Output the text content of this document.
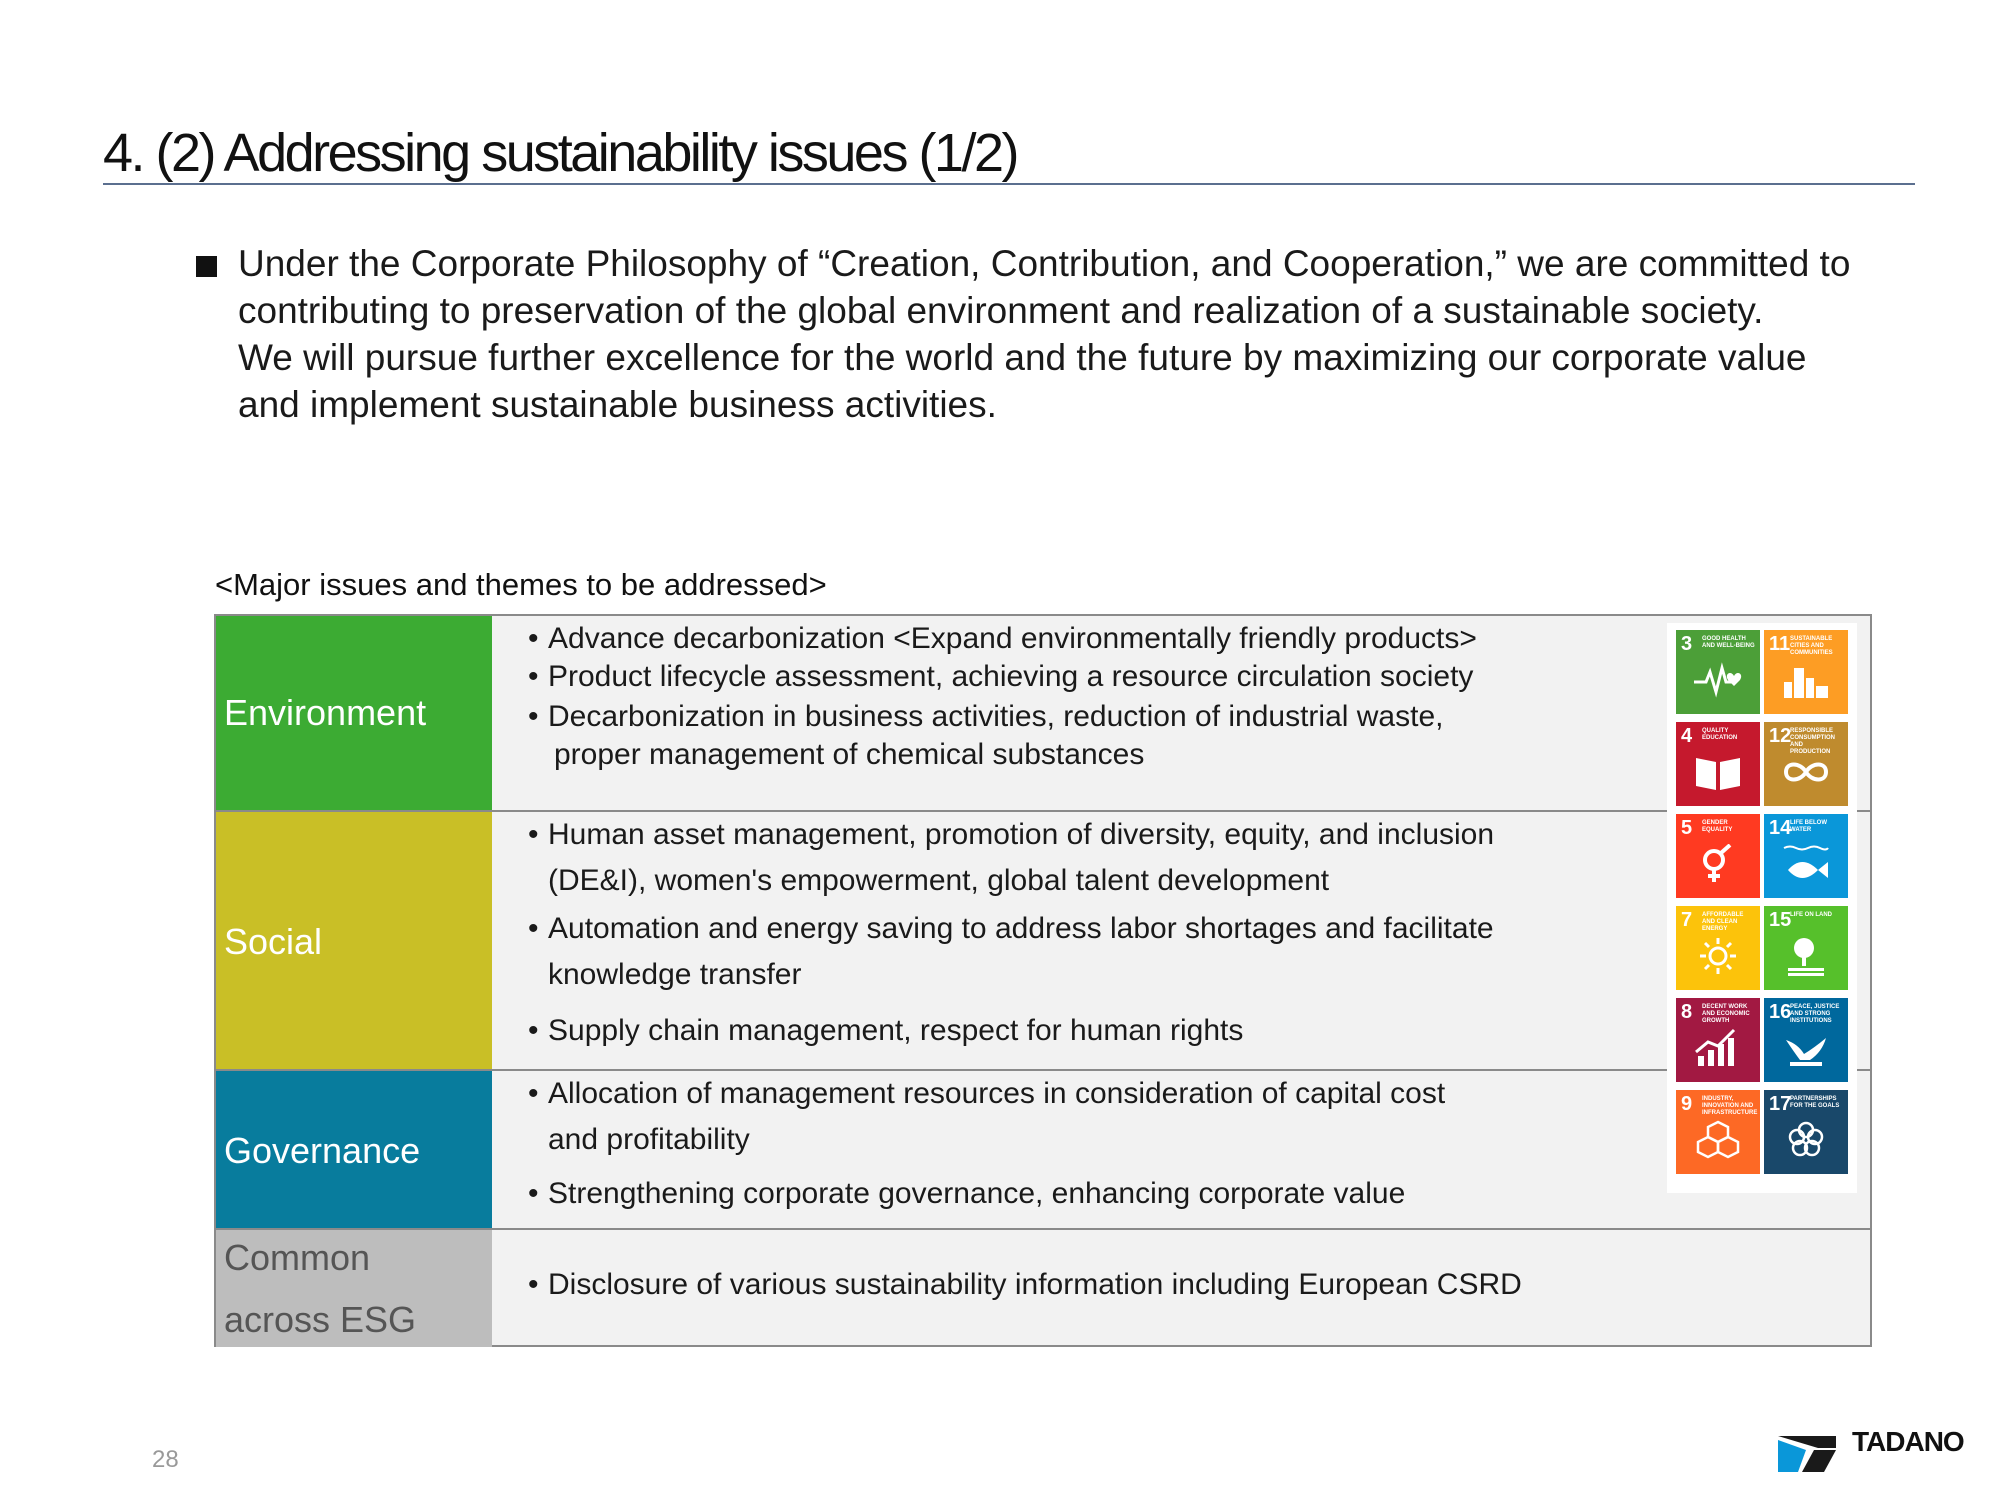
4. (2) Addressing sustainability issues (1/2)

Under the Corporate Philosophy of “Creation, Contribution, and Cooperation,” we are committed to contributing to preservation of the global environment and realization of a sustainable society.

We will pursue further excellence for the world and the future by maximizing our corporate value and implement sustainable business activities.

<Major issues and themes to be addressed>
Environment
• Advance decarbonization <Expand environmentally friendly products>
• Product lifecycle assessment, achieving a resource circulation society
• Decarbonization in business activities, reduction of industrial waste,
proper management of chemical substances
Social
• Human asset management, promotion of diversity, equity, and inclusion
(DE&I), women's empowerment, global talent development
• Automation and energy saving to address labor shortages and facilitate
knowledge transfer
• Supply chain management, respect for human rights
Governance
• Allocation of management resources in consideration of capital cost
and profitability
• Strengthening corporate governance, enhancing corporate value
Common
across ESG
• Disclosure of various sustainability information including European CSRD
3 GOOD HEALTH AND WELL-BEING 11 SUSTAINABLE CITIES AND COMMUNITIES
4 QUALITY EDUCATION	12
RESPONSIBLE CONSUMPTION AND PRODUCTION
5 GENDER EQUALITY	14
LIFE BELOW WATER
7 AFFORDABLE AND CLEAN ENERGY	15
LIFE ON LAND
8 DECENT WORK AND ECONOMIC GROWTH	16
PEACE, JUSTICE AND STRONG INSTITUTIONS
9 INDUSTRY, INNOVATION AND INFRASTRUCTURE 17
PARTNERSHIPS FOR THE GOALS
28
TADANO
